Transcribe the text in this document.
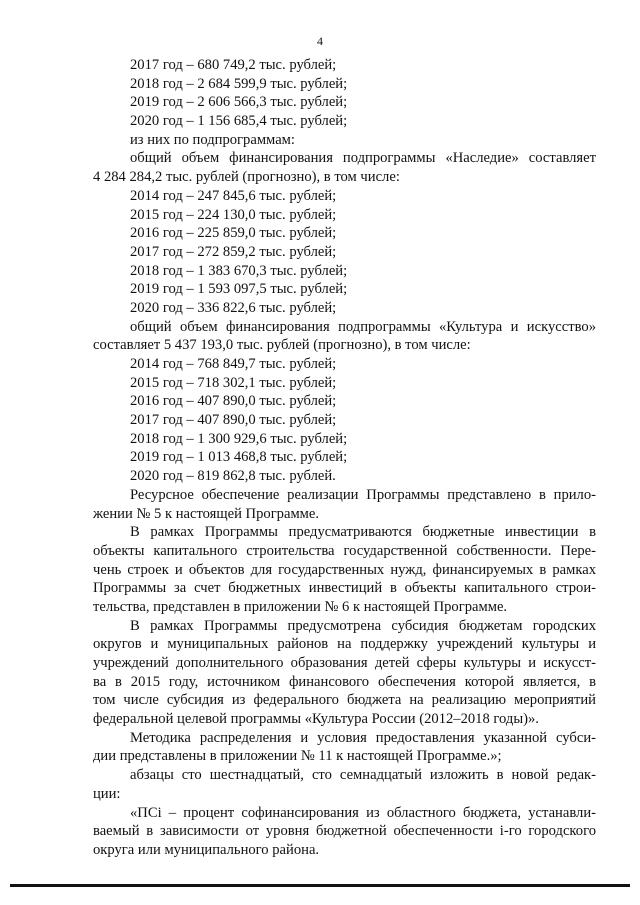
4
2017 год – 680 749,2 тыс. рублей;
2018 год – 2 684 599,9 тыс. рублей;
2019 год – 2 606 566,3 тыс. рублей;
2020 год – 1 156 685,4 тыс. рублей;
из них по подпрограммам:
общий объем финансирования подпрограммы «Наследие» составляет
4 284 284,2 тыс. рублей (прогнозно), в том числе:
2014 год – 247 845,6 тыс. рублей;
2015 год – 224 130,0 тыс. рублей;
2016 год – 225 859,0 тыс. рублей;
2017 год – 272 859,2 тыс. рублей;
2018 год – 1 383 670,3 тыс. рублей;
2019 год – 1 593 097,5 тыс. рублей;
2020 год – 336 822,6 тыс. рублей;
общий объем финансирования подпрограммы «Культура и искусство»
составляет 5 437 193,0 тыс. рублей (прогнозно), в том числе:
2014 год – 768 849,7 тыс. рублей;
2015 год – 718 302,1 тыс. рублей;
2016 год – 407 890,0 тыс. рублей;
2017 год – 407 890,0 тыс. рублей;
2018 год – 1 300 929,6 тыс. рублей;
2019 год – 1 013 468,8 тыс. рублей;
2020 год – 819 862,8 тыс. рублей.
Ресурсное обеспечение реализации Программы представлено в прило-
жении № 5 к настоящей Программе.
В рамках Программы предусматриваются бюджетные инвестиции в
объекты капитального строительства государственной собственности. Пере-
чень строек и объектов для государственных нужд, финансируемых в рамках
Программы за счет бюджетных инвестиций в объекты капитального строи-
тельства, представлен в приложении № 6 к настоящей Программе.
В рамках Программы предусмотрена субсидия бюджетам городских
округов и муниципальных районов на поддержку учреждений культуры и
учреждений дополнительного образования детей сферы культуры и искусст-
ва в 2015 году, источником финансового обеспечения которой является, в
том числе субсидия из федерального бюджета на реализацию мероприятий
федеральной целевой программы «Культура России (2012–2018 годы)».
Методика распределения и условия предоставления указанной субси-
дии представлены в приложении № 11 к настоящей Программе.»;
абзацы сто шестнадцатый, сто семнадцатый изложить в новой редак-
ции:
«ПСi – процент софинансирования из областного бюджета, устанавли-
ваемый в зависимости от уровня бюджетной обеспеченности i-го городского
округа или муниципального района.
